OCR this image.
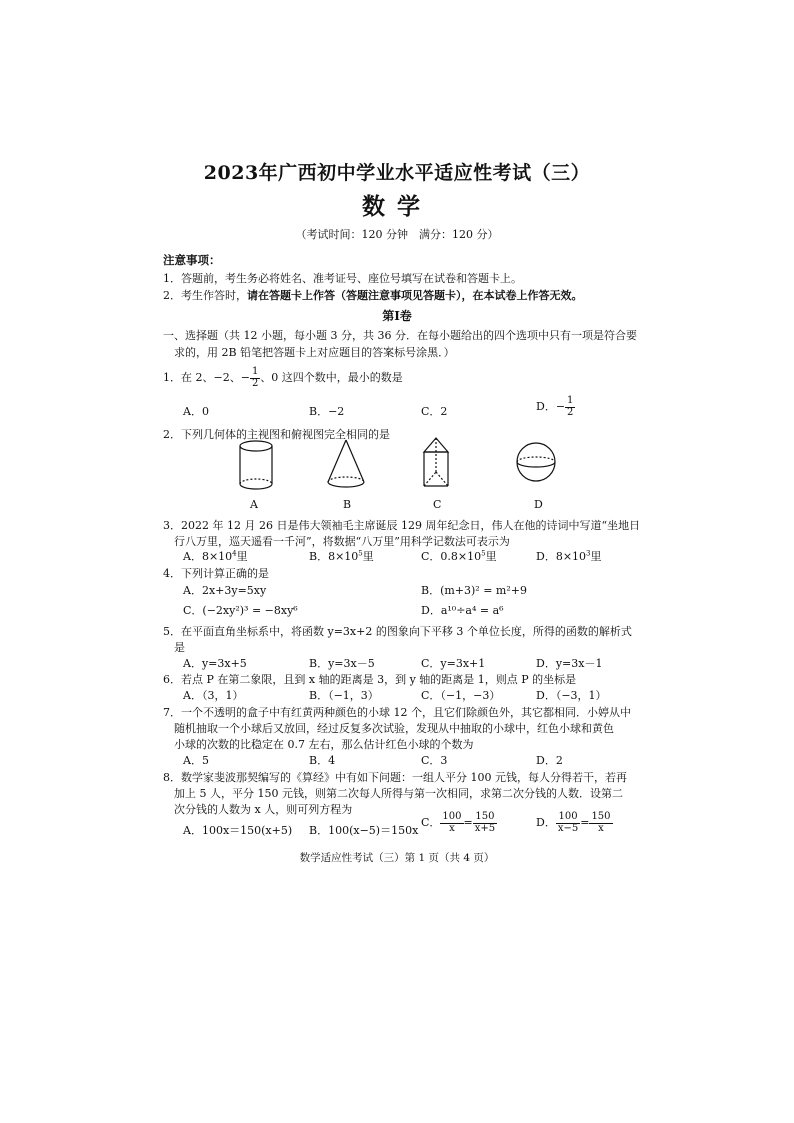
2023年广西初中学业水平适应性考试（三）
数学
（考试时间：120 分钟　满分：120 分）
注意事项：
1．答题前，考生务必将姓名、准考证号、座位号填写在试卷和答题卡上。
2．考生作答时，请在答题卡上作答（答题注意事项见答题卡），在本试卷上作答无效。
第Ⅰ卷
一、选择题（共 12 小题，每小题 3 分，共 36 分．在每小题给出的四个选项中只有一项是符合要
求的，用 2B 铅笔把答题卡上对应题目的答案标号涂黑．）
1．在 2、−2、− $\frac{1}{2}$ 、0 这四个数中，最小的数是
A．0	B．−2	C．2	D．− $\frac{1}{2}$
2．下列几何体的主视图和俯视图完全相同的是
A	B	C	D
3．2022 年 12 月 26 日是伟大领袖毛主席诞辰 129 周年纪念日，伟人在他的诗词中写道“坐地日
行八万里，巡天遥看一千河”，将数据“八万里”用科学记数法可表示为
A．$8\times 10^4$里	B．$8\times 10^5$里	C．$0.8\times 10^5$里	D．$8\times 10^3$里
4．下列计算正确的是
A．2x+3y=5xy	B．(m+3)² = m²+9
C．(−2xy²)³ = −8xy⁶	D．a¹⁰÷a⁴ = a⁶
5．在平面直角坐标系中，将函数 y=3x+2 的图象向下平移 3 个单位长度，所得的函数的解析式
是
A．y=3x+5	B．y=3x－5	C．y=3x+1	D．y=3x－1
6．若点 P 在第二象限，且到 x 轴的距离是 3，到 y 轴的距离是 1，则点 P 的坐标是
A．（3，1）	B．（−1，3）	C．（−1，−3）	D．（−3，1）
7．一个不透明的盒子中有红黄两种颜色的小球 12 个，且它们除颜色外，其它都相同．小婷从中
随机抽取一个小球后又放回，经过反复多次试验，发现从中抽取的小球中，红色小球和黄色
小球的次数的比稳定在 0.7 左右，那么估计红色小球的个数为
A．5	B．4	C．3	D．2
8．数学家斐波那契编写的《算经》中有如下问题：一组人平分 100 元钱，每人分得若干，若再
加上 5 人，平分 150 元钱，则第二次每人所得与第一次相同，求第二次分钱的人数．设第二
次分钱的人数为 x 人，则可列方程为
A．100x＝150(x+5) B．100(x−5)＝150x
C． $\frac{100}{x} = \frac{150}{x+5}$	D． $\frac{100}{x-5} = \frac{150}{x}$
数学适应性考试（三）第 1 页（共 4 页）
